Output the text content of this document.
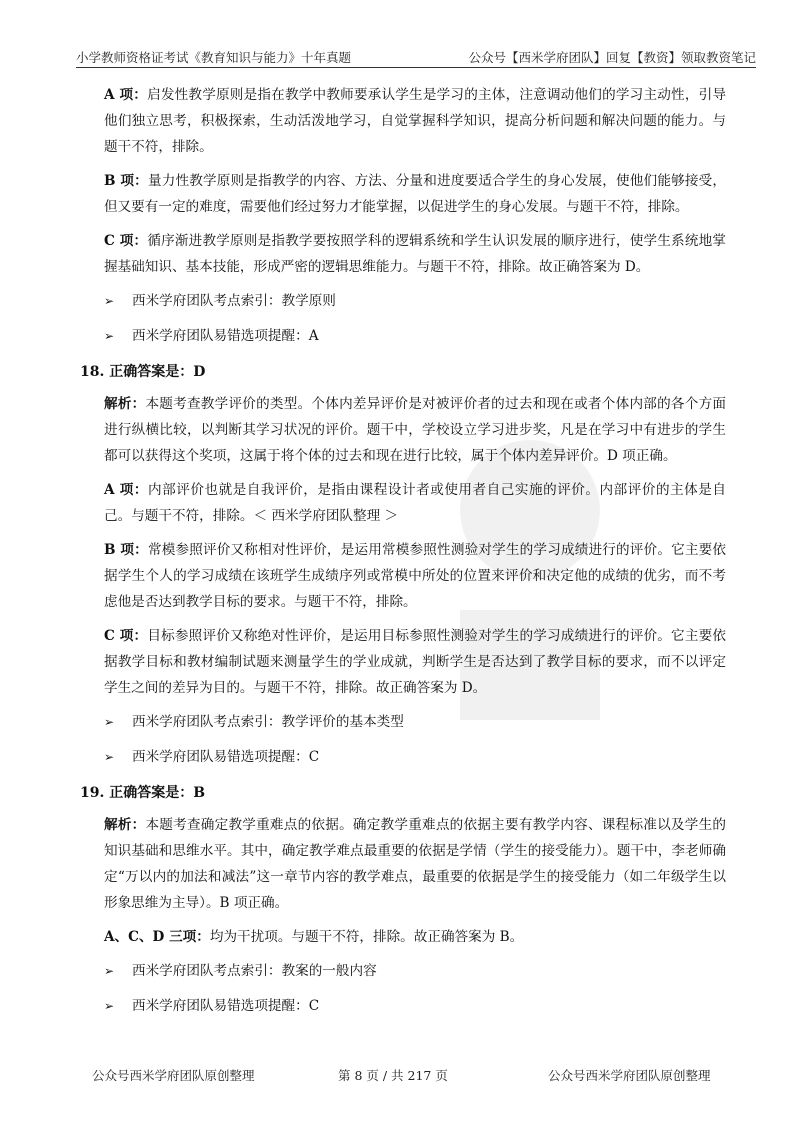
小学教师资格证考试《教育知识与能力》十年真题	公众号【西米学府团队】回复【教资】领取教资笔记

A 项：启发性教学原则是指在教学中教师要承认学生是学习的主体，注意调动他们的学习主动性，引导他们独立思考，积极探索，生动活泼地学习，自觉掌握科学知识，提高分析问题和解决问题的能力。与题干不符，排除。

B 项：量力性教学原则是指教学的内容、方法、分量和进度要适合学生的身心发展，使他们能够接受，但又要有一定的难度，需要他们经过努力才能掌握，以促进学生的身心发展。与题干不符，排除。

C 项：循序渐进教学原则是指教学要按照学科的逻辑系统和学生认识发展的顺序进行，使学生系统地掌握基础知识、基本技能，形成严密的逻辑思维能力。与题干不符，排除。故正确答案为 D。

➢ 西米学府团队考点索引：教学原则

➢ 西米学府团队易错选项提醒：A

18. 正确答案是：D

解析：本题考查教学评价的类型。个体内差异评价是对被评价者的过去和现在或者个体内部的各个方面进行纵横比较，以判断其学习状况的评价。题干中，学校设立学习进步奖，凡是在学习中有进步的学生都可以获得这个奖项，这属于将个体的过去和现在进行比较，属于个体内差异评价。D 项正确。

A 项：内部评价也就是自我评价，是指由课程设计者或使用者自己实施的评价。内部评价的主体是自己。与题干不符，排除。＜ 西米学府团队整理 ＞

B 项：常模参照评价又称相对性评价，是运用常模参照性测验对学生的学习成绩进行的评价。它主要依据学生个人的学习成绩在该班学生成绩序列或常模中所处的位置来评价和决定他的成绩的优劣，而不考虑他是否达到教学目标的要求。与题干不符，排除。

C 项：目标参照评价又称绝对性评价，是运用目标参照性测验对学生的学习成绩进行的评价。它主要依据教学目标和教材编制试题来测量学生的学业成就，判断学生是否达到了教学目标的要求，而不以评定学生之间的差异为目的。与题干不符，排除。故正确答案为 D。

➢ 西米学府团队考点索引：教学评价的基本类型

➢ 西米学府团队易错选项提醒：C

19. 正确答案是：B

解析：本题考查确定教学重难点的依据。确定教学重难点的依据主要有教学内容、课程标准以及学生的知识基础和思维水平。其中，确定教学难点最重要的依据是学情（学生的接受能力）。题干中，李老师确定“万以内的加法和减法”这一章节内容的教学难点，最重要的依据是学生的接受能力（如二年级学生以形象思维为主导）。B 项正确。

A、C、D 三项：均为干扰项。与题干不符，排除。故正确答案为 B。

➢ 西米学府团队考点索引：教案的一般内容

➢ 西米学府团队易错选项提醒：C

公众号西米学府团队原创整理	第 8 页 / 共 217 页	公众号西米学府团队原创整理
